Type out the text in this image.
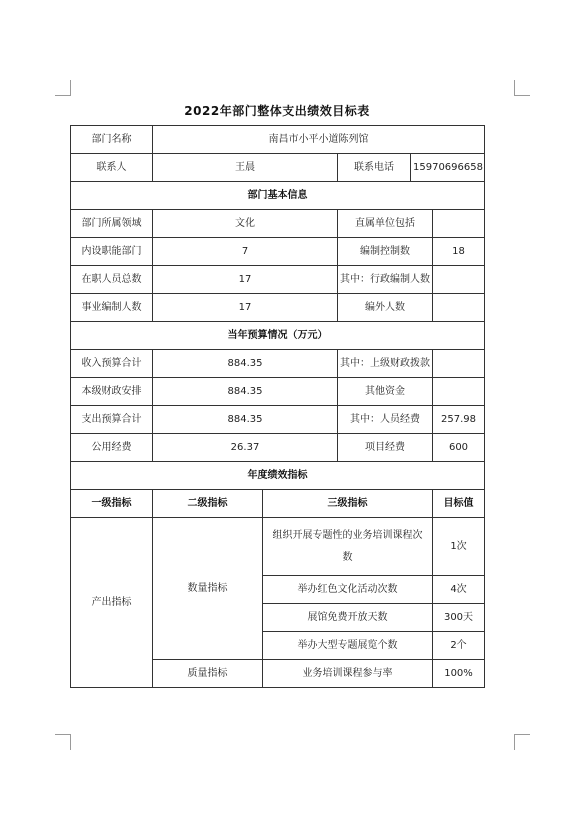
2022年部门整体支出绩效目标表
部门名称	南昌市小平小道陈列馆				
联系人	王晨		联系电话	15970696658	
部门基本信息					
部门所属领域	文化		直属单位包括		
内设职能部门	7		编制控制数		18
在职人员总数	17		其中：行政编制人数		
事业编制人数	17		编外人数		
当年预算情况（万元）					
收入预算合计	884.35		其中：上级财政拨款		
本级财政安排	884.35		其他资金		
支出预算合计	884.35		其中：人员经费		257.98
公用经费	26.37		项目经费		600
年度绩效指标					
一级指标	二级指标	三级指标			目标值
产出指标	数量指标	组织开展专题性的业务培训课程次数			1次
		举办红色文化活动次数			4次
		展馆免费开放天数			300天
		举办大型专题展览个数			2个
	质量指标	业务培训课程参与率			100%
